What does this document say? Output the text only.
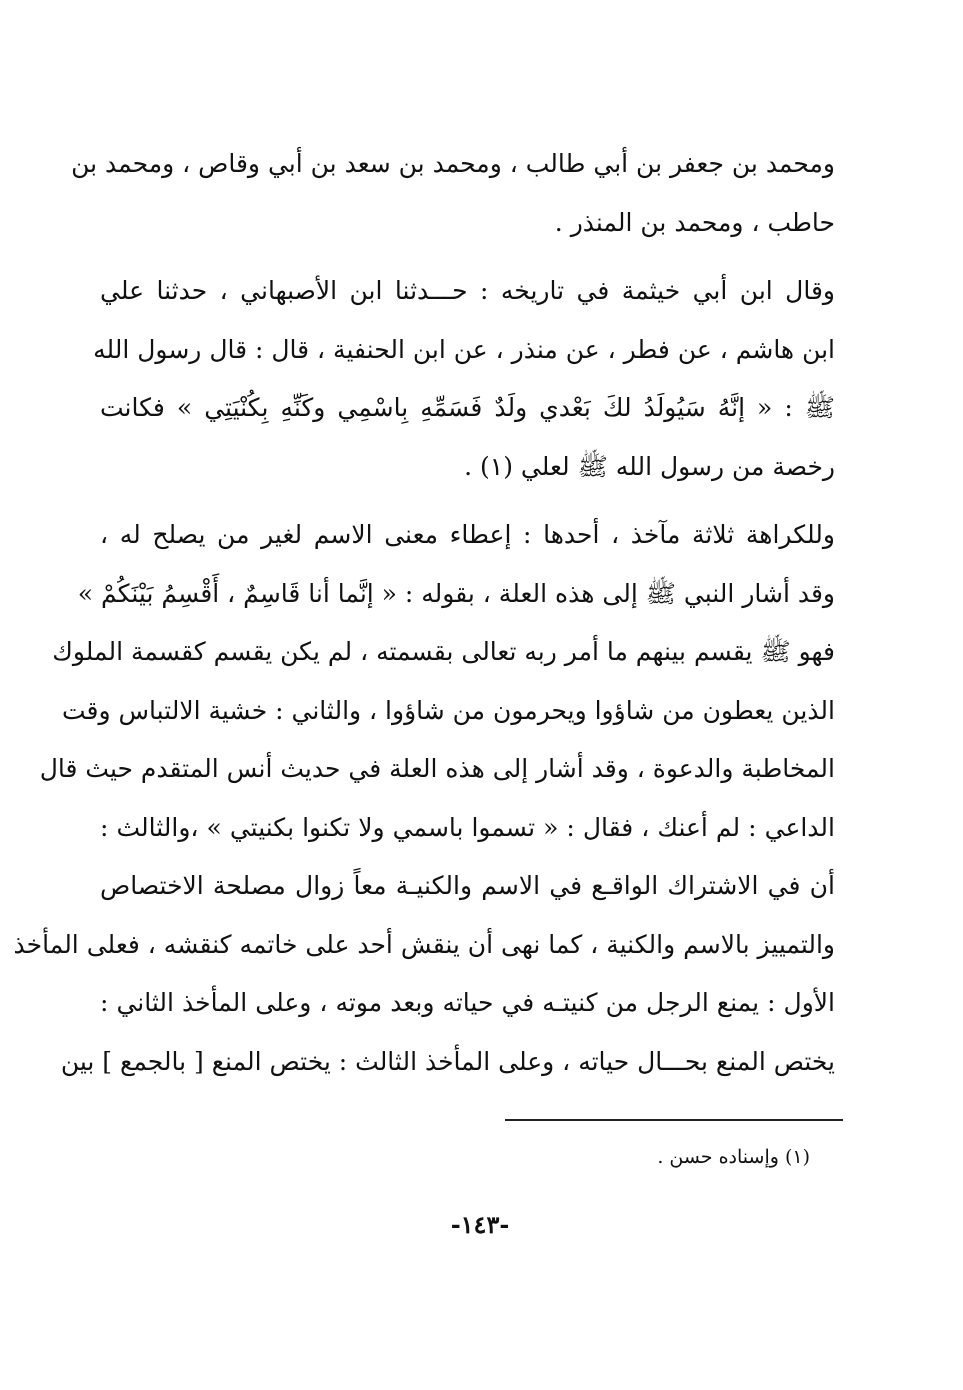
ومحمد بن جعفر بن أبي طالب ، ومحمد بن سعد بن أبي وقاص ، ومحمد بن
حاطب ، ومحمد بن المنذر .
وقال ابن أبي خيثمة في تاريخه : حـــدثنا ابن الأصبهاني ، حدثنا علي
ابن هاشم ، عن فطر ، عن منذر ، عن ابن الحنفية ، قال : قال رسول الله
ﷺ : « إنَّهُ سَيُولَدُ لكَ بَعْدي ولَدٌ فَسَمِّهِ بِاسْمِي وكَنِّهِ بِكُنْيَتِي » فكانت
رخصة من رسول الله ﷺ لعلي (١) .
وللكراهة ثلاثة مآخذ ، أحدها : إعطاء معنى الاسم لغير من يصلح له ،
وقد أشار النبي ﷺ إلى هذه العلة ، بقوله : « إنَّما أنا قَاسِمٌ ، أَقْسِمُ بَيْنَكُمْ »
فهو ﷺ يقسم بينهم ما أمر ربه تعالى بقسمته ، لم يكن يقسم كقسمة الملوك
الذين يعطون من شاؤوا ويحرمون من شاؤوا ، والثاني : خشية الالتباس وقت
المخاطبة والدعوة ، وقد أشار إلى هذه العلة في حديث أنس المتقدم حيث قال
الداعي : لم أعنك ، فقال : « تسموا باسمي ولا تكنوا بكنيتي » ،والثالث :
أن في الاشتراك الواقـع في الاسم والكنيـة معاً زوال مصلحة الاختصاص
والتمييز بالاسم والكنية ، كما نهى أن ينقش أحد على خاتمه كنقشه ، فعلى المأخذ
الأول : يمنع الرجل من كنيتـه في حياته وبعد موته ، وعلى المأخذ الثاني :
يختص المنع بحـــال حياته ، وعلى المأخذ الثالث : يختص المنع [ بالجمع ] بين
(١) وإسناده حسن .
-١٤٣-
